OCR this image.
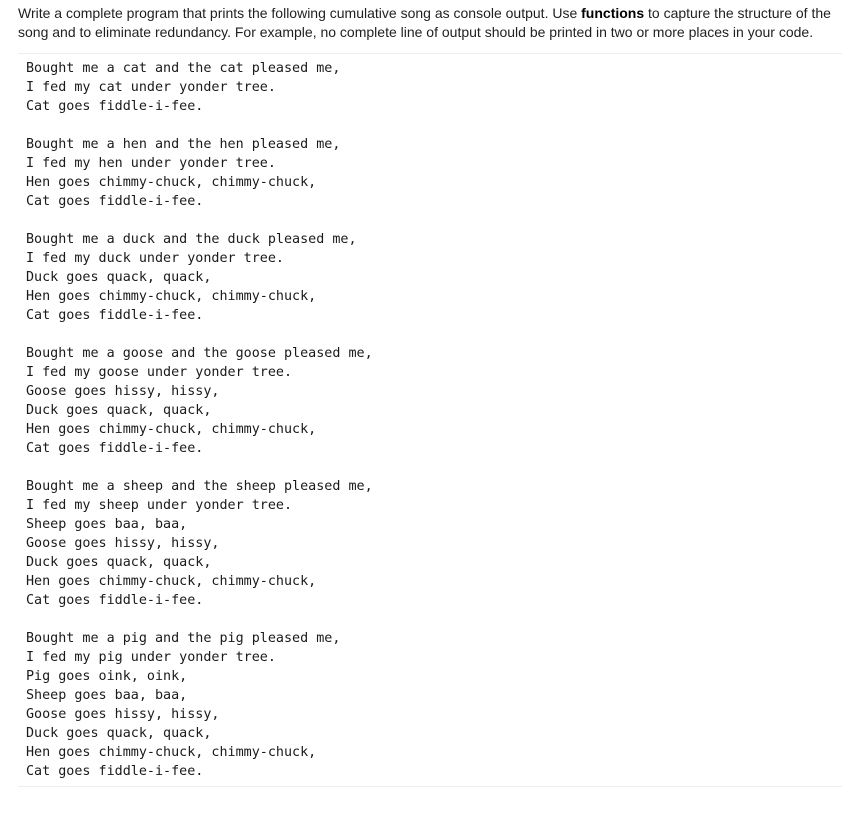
Write a complete program that prints the following cumulative song as console output. Use functions to capture the structure of the song and to eliminate redundancy. For example, no complete line of output should be printed in two or more places in your code.

Bought me a cat and the cat pleased me,
I fed my cat under yonder tree.
Cat goes fiddle-i-fee.
Bought me a hen and the hen pleased me,
I fed my hen under yonder tree.
Hen goes chimmy-chuck, chimmy-chuck,
Cat goes fiddle-i-fee.
Bought me a duck and the duck pleased me,
I fed my duck under yonder tree.
Duck goes quack, quack,
Hen goes chimmy-chuck, chimmy-chuck,
Cat goes fiddle-i-fee.
Bought me a goose and the goose pleased me,
I fed my goose under yonder tree.
Goose goes hissy, hissy,
Duck goes quack, quack,
Hen goes chimmy-chuck, chimmy-chuck,
Cat goes fiddle-i-fee.
Bought me a sheep and the sheep pleased me,
I fed my sheep under yonder tree.
Sheep goes baa, baa,
Goose goes hissy, hissy,
Duck goes quack, quack,
Hen goes chimmy-chuck, chimmy-chuck,
Cat goes fiddle-i-fee.
Bought me a pig and the pig pleased me,
I fed my pig under yonder tree.
Pig goes oink, oink,
Sheep goes baa, baa,
Goose goes hissy, hissy,
Duck goes quack, quack,
Hen goes chimmy-chuck, chimmy-chuck,
Cat goes fiddle-i-fee.
